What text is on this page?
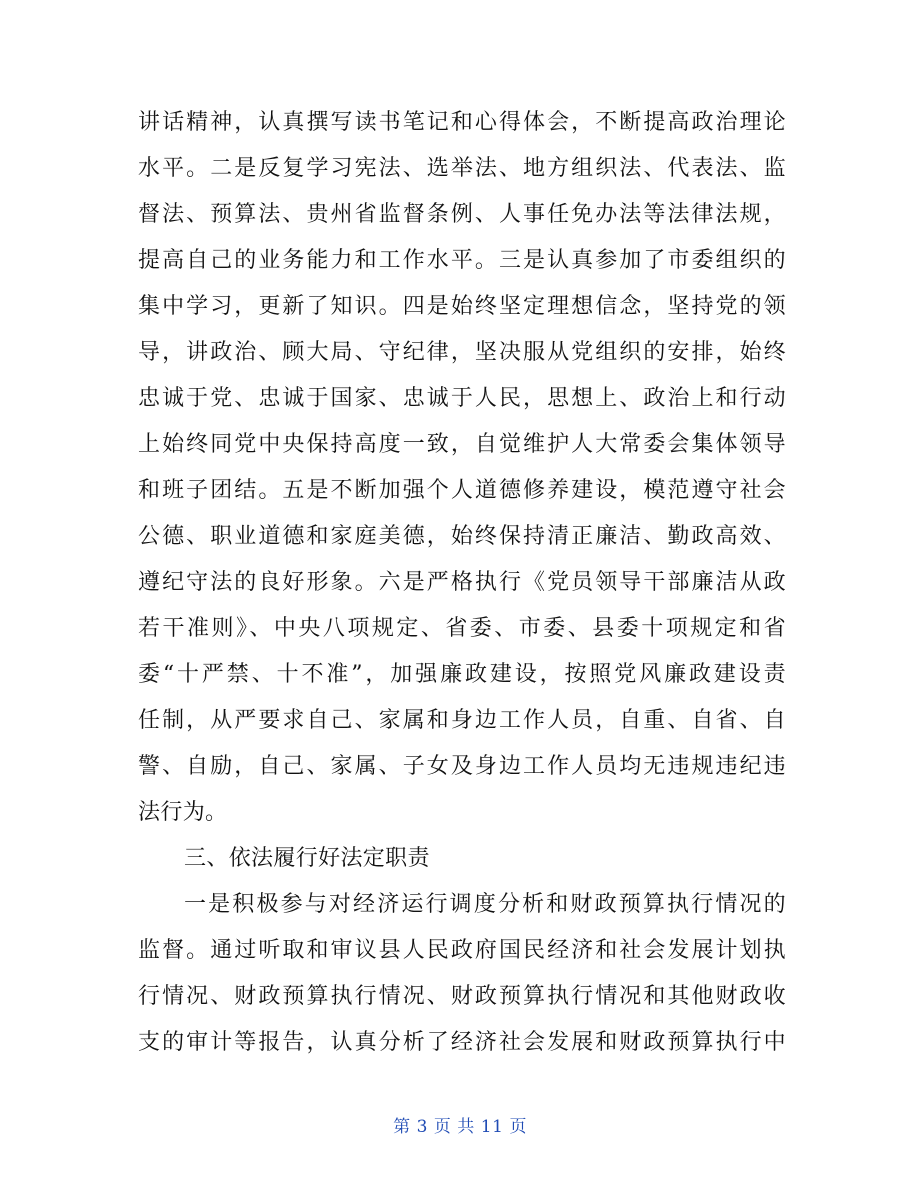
讲话精神，认真撰写读书笔记和心得体会，不断提高政治理论
水平。二是反复学习宪法、选举法、地方组织法、代表法、监
督法、预算法、贵州省监督条例、人事任免办法等法律法规，
提高自己的业务能力和工作水平。三是认真参加了市委组织的
集中学习，更新了知识。四是始终坚定理想信念，坚持党的领
导，讲政治、顾大局、守纪律，坚决服从党组织的安排，始终
忠诚于党、忠诚于国家、忠诚于人民，思想上、政治上和行动
上始终同党中央保持高度一致，自觉维护人大常委会集体领导
和班子团结。五是不断加强个人道德修养建设，模范遵守社会
公德、职业道德和家庭美德，始终保持清正廉洁、勤政高效、
遵纪守法的良好形象。六是严格执行《党员领导干部廉洁从政
若干准则》、中央八项规定、省委、市委、县委十项规定和省
委“十严禁、十不准”，加强廉政建设，按照党风廉政建设责
任制，从严要求自己、家属和身边工作人员，自重、自省、自
警、自励，自己、家属、子女及身边工作人员均无违规违纪违
法行为。
三、依法履行好法定职责
一是积极参与对经济运行调度分析和财政预算执行情况的
监督。通过听取和审议县人民政府国民经济和社会发展计划执
行情况、财政预算执行情况、财政预算执行情况和其他财政收
支的审计等报告，认真分析了经济社会发展和财政预算执行中
第 3 页 共 11 页
